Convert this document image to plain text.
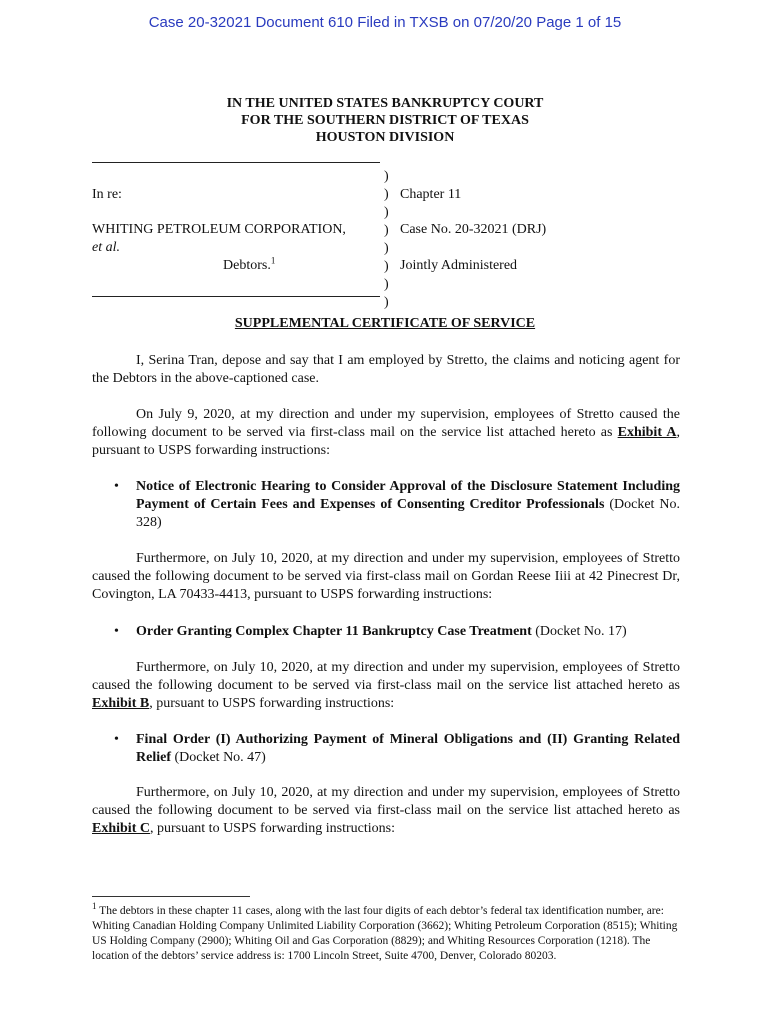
Case 20-32021 Document 610 Filed in TXSB on 07/20/20 Page 1 of 15
IN THE UNITED STATES BANKRUPTCY COURT
FOR THE SOUTHERN DISTRICT OF TEXAS
HOUSTON DIVISION
In re:
WHITING PETROLEUM CORPORATION,
et al.
Debtors.$^1$
)
)
)
)
)
)
)
)
Chapter 11
Case No. 20-32021 (DRJ)
Jointly Administered
SUPPLEMENTAL CERTIFICATE OF SERVICE
I, Serina Tran, depose and say that I am employed by Stretto, the claims and noticing agent for the Debtors in the above-captioned case.
On July 9, 2020, at my direction and under my supervision, employees of Stretto caused the following document to be served via first-class mail on the service list attached hereto as Exhibit A, pursuant to USPS forwarding instructions:
• Notice of Electronic Hearing to Consider Approval of the Disclosure Statement Including Payment of Certain Fees and Expenses of Consenting Creditor Professionals (Docket No. 328)
Furthermore, on July 10, 2020, at my direction and under my supervision, employees of Stretto caused the following document to be served via first-class mail on Gordan Reese Iiii at 42 Pinecrest Dr, Covington, LA 70433-4413, pursuant to USPS forwarding instructions:
• Order Granting Complex Chapter 11 Bankruptcy Case Treatment (Docket No. 17)
Furthermore, on July 10, 2020, at my direction and under my supervision, employees of Stretto caused the following document to be served via first-class mail on the service list attached hereto as Exhibit B, pursuant to USPS forwarding instructions:
• Final Order (I) Authorizing Payment of Mineral Obligations and (II) Granting Related Relief (Docket No. 47)
Furthermore, on July 10, 2020, at my direction and under my supervision, employees of Stretto caused the following document to be served via first-class mail on the service list attached hereto as Exhibit C, pursuant to USPS forwarding instructions:
$^1$ The debtors in these chapter 11 cases, along with the last four digits of each debtor’s federal tax identification number, are: Whiting Canadian Holding Company Unlimited Liability Corporation (3662); Whiting Petroleum Corporation (8515); Whiting US Holding Company (2900); Whiting Oil and Gas Corporation (8829); and Whiting Resources Corporation (1218). The location of the debtors’ service address is: 1700 Lincoln Street, Suite 4700, Denver, Colorado 80203.
